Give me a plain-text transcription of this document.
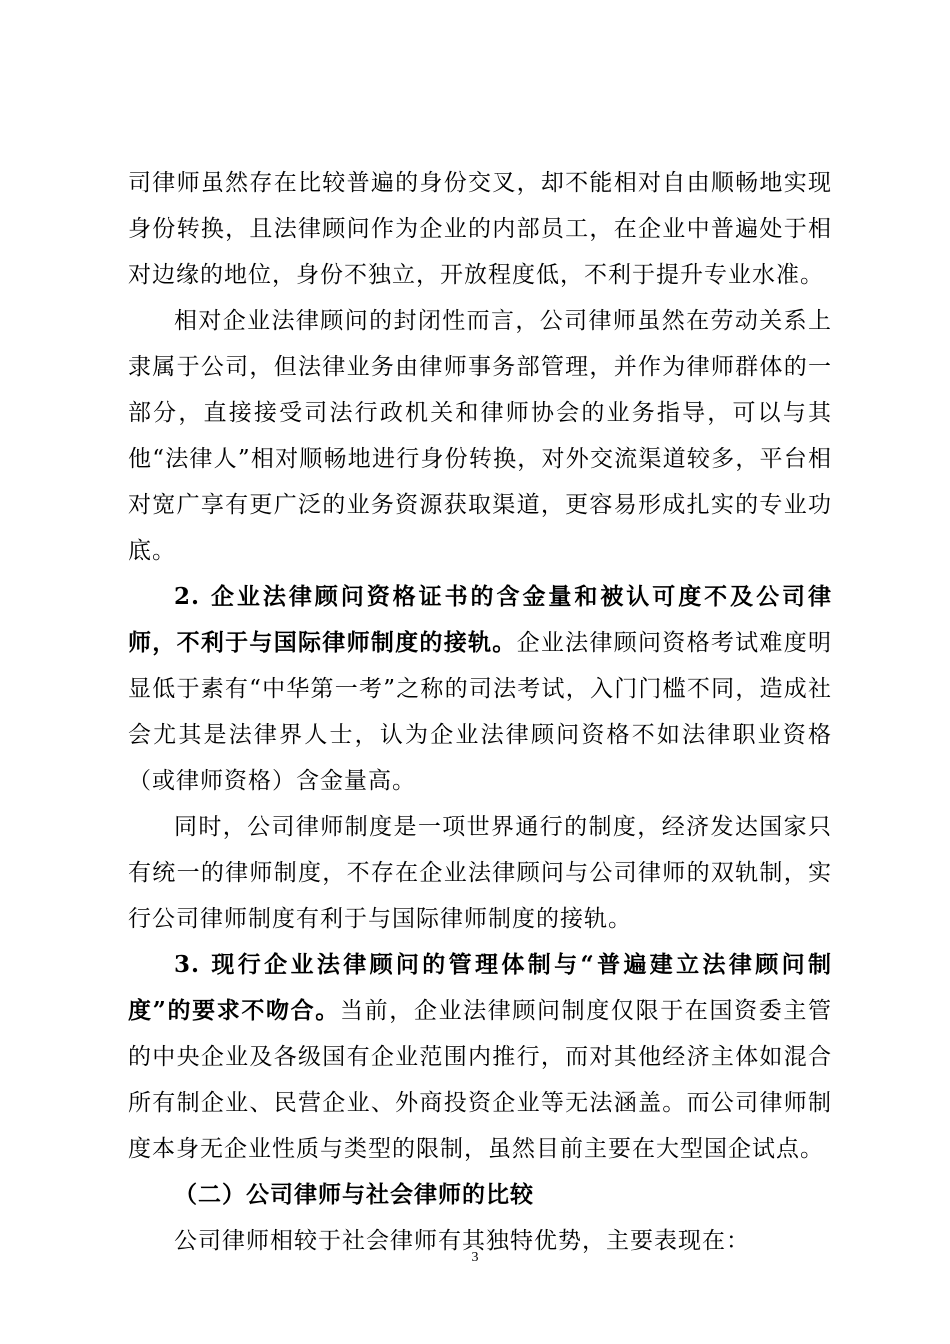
司律师虽然存在比较普遍的身份交叉，却不能相对自由顺畅地实现身份转换，且法律顾问作为企业的内部员工，在企业中普遍处于相对边缘的地位，身份不独立，开放程度低，不利于提升专业水准。

相对企业法律顾问的封闭性而言，公司律师虽然在劳动关系上隶属于公司，但法律业务由律师事务部管理，并作为律师群体的一部分，直接接受司法行政机关和律师协会的业务指导，可以与其他“法律人”相对顺畅地进行身份转换，对外交流渠道较多，平台相对宽广享有更广泛的业务资源获取渠道，更容易形成扎实的专业功底。

2. 企业法律顾问资格证书的含金量和被认可度不及公司律师，不利于与国际律师制度的接轨。企业法律顾问资格考试难度明显低于素有“中华第一考”之称的司法考试，入门门槛不同，造成社会尤其是法律界人士，认为企业法律顾问资格不如法律职业资格（或律师资格）含金量高。

同时，公司律师制度是一项世界通行的制度，经济发达国家只有统一的律师制度，不存在企业法律顾问与公司律师的双轨制，实行公司律师制度有利于与国际律师制度的接轨。

3. 现行企业法律顾问的管理体制与“普遍建立法律顾问制度”的要求不吻合。当前，企业法律顾问制度仅限于在国资委主管的中央企业及各级国有企业范围内推行，而对其他经济主体如混合所有制企业、民营企业、外商投资企业等无法涵盖。而公司律师制度本身无企业性质与类型的限制，虽然目前主要在大型国企试点。

（二）公司律师与社会律师的比较

公司律师相较于社会律师有其独特优势，主要表现在：

3
